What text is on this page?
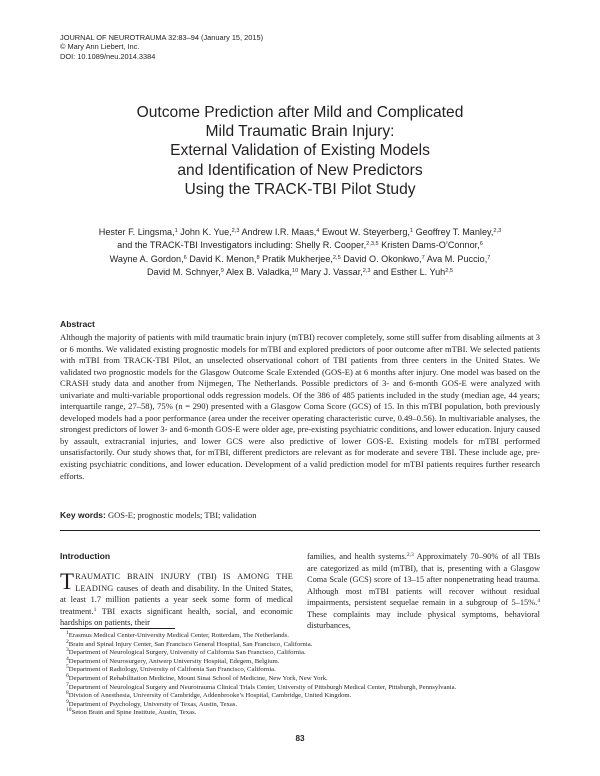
JOURNAL OF NEUROTRAUMA 32:83–94 (January 15, 2015)
© Mary Ann Liebert, Inc.
DOI: 10.1089/neu.2014.3384
Outcome Prediction after Mild and Complicated
Mild Traumatic Brain Injury:
External Validation of Existing Models
and Identification of New Predictors
Using the TRACK-TBI Pilot Study
Hester F. Lingsma,$^1$ John K. Yue,$^{2,3}$ Andrew I.R. Maas,$^4$ Ewout W. Steyerberg,$^1$ Geoffrey T. Manley,$^{2,3}$
and the TRACK-TBI Investigators including: Shelly R. Cooper,$^{2,3,5}$ Kristen Dams-O’Connor,$^6$
Wayne A. Gordon,$^6$ David K. Menon,$^8$ Pratik Mukherjee,$^{2,5}$ David O. Okonkwo,$^7$ Ava M. Puccio,$^7$
David M. Schnyer,$^9$ Alex B. Valadka,$^{10}$ Mary J. Vassar,$^{2,3}$ and Esther L. Yuh$^{2,5}$
Abstract
Although the majority of patients with mild traumatic brain injury (mTBI) recover completely, some still suffer from disabling ailments at 3 or 6 months. We validated existing prognostic models for mTBI and explored predictors of poor outcome after mTBI. We selected patients with mTBI from TRACK-TBI Pilot, an unselected observational cohort of TBI patients from three centers in the United States. We validated two prognostic models for the Glasgow Outcome Scale Extended (GOS-E) at 6 months after injury. One model was based on the CRASH study data and another from Nijmegen, The Netherlands. Possible predictors of 3- and 6-month GOS-E were analyzed with univariate and multi-variable proportional odds regression models. Of the 386 of 485 patients included in the study (median age, 44 years; interquartile range, 27–58), 75% (n = 290) presented with a Glasgow Coma Score (GCS) of 15. In this mTBI population, both previously developed models had a poor performance (area under the receiver operating characteristic curve, 0.49–0.56). In multivariable analyses, the strongest predictors of lower 3- and 6-month GOS-E were older age, pre-existing psychiatric conditions, and lower education. Injury caused by assault, extracranial injuries, and lower GCS were also predictive of lower GOS-E. Existing models for mTBI performed unsatisfactorily. Our study shows that, for mTBI, different predictors are relevant as for moderate and severe TBI. These include age, pre-existing psychiatric conditions, and lower education. Development of a valid prediction model for mTBI patients requires further research efforts.
Key words: GOS-E; prognostic models; TBI; validation
Introduction
TRAUMATIC BRAIN INJURY (TBI) IS AMONG THE LEADING causes of death and disability. In the United States, at least 1.7 million patients a year seek some form of medical treatment.$^1$ TBI exacts significant health, social, and economic hardships on patients, their
families, and health systems.$^{2,3}$ Approximately 70–90% of all TBIs are categorized as mild (mTBI), that is, presenting with a Glasgow Coma Scale (GCS) score of 13–15 after nonpenetrating head trauma. Although most mTBI patients will recover without residual impairments, persistent sequelae remain in a subgroup of 5–15%.$^4$ These complaints may include physical symptoms, behavioral disturbances,
$^1$Erasmus Medical Center-University Medical Center, Rotterdam, The Netherlands.
$^2$Brain and Spinal Injury Center, San Francisco General Hospital, San Francisco, California.
$^3$Department of Neurological Surgery, University of California San Francisco, California.
$^4$Department of Neurosurgery, Antwerp University Hospital, Edegem, Belgium.
$^5$Department of Radiology, University of California San Francisco, California.
$^6$Department of Rehabilitation Medicine, Mount Sinai School of Medicine, New York, New York.
$^7$Department of Neurological Surgery and Neurotrauma Clinical Trials Center, University of Pittsburgh Medical Center, Pittsburgh, Pennsylvania.
$^8$Division of Anesthesia, University of Cambridge, Addenbrooke’s Hospital, Cambridge, United Kingdom.
$^9$Department of Psychology, University of Texas, Austin, Texas.
$^{10}$Seton Brain and Spine Institute, Austin, Texas.
83
